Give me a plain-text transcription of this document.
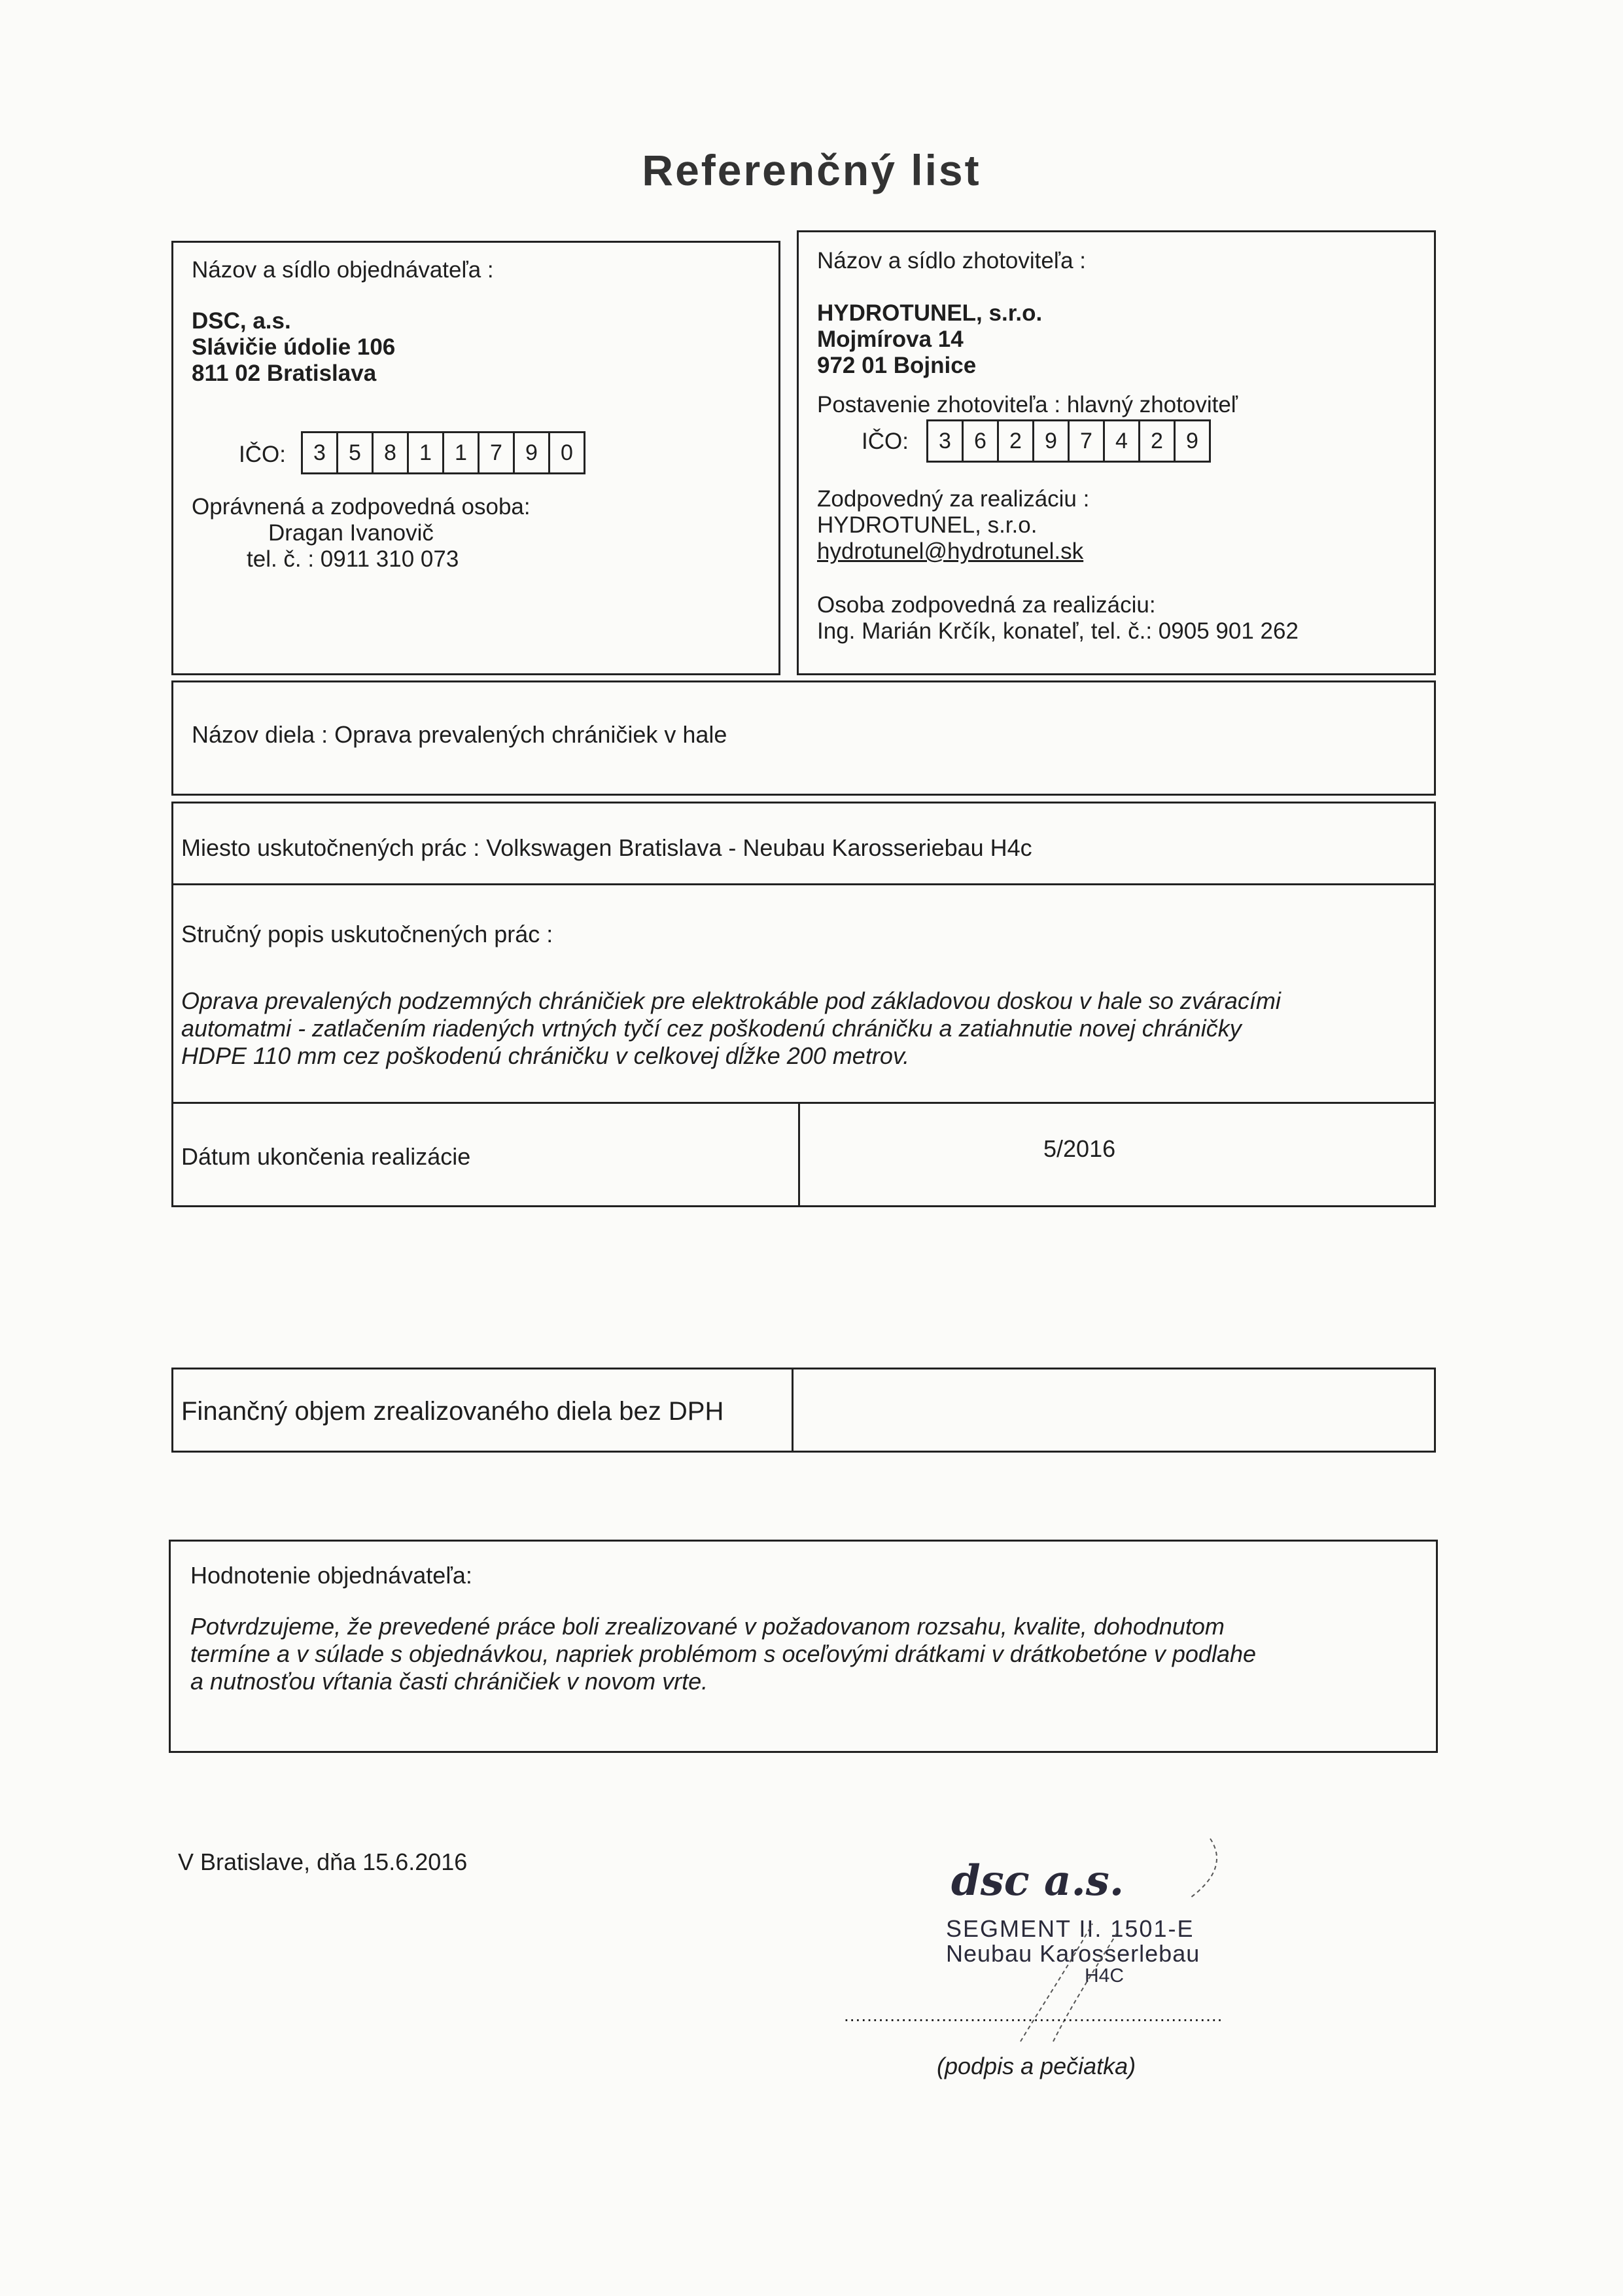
Referenčný list
Názov a sídlo objednávateľa :
DSC, a.s.
Slávičie údolie 106
811 02 Bratislava
IČO:	3	5	8	1	1	7	9	0
Oprávnená a zodpovedná osoba:
Dragan Ivanovič
tel. č. : 0911 310 073
Názov a sídlo zhotoviteľa :
HYDROTUNEL, s.r.o.
Mojmírova 14
972 01 Bojnice
Postavenie zhotoviteľa : hlavný zhotoviteľ
IČO:	3	6	2	9	7	4	2	9
Zodpovedný za realizáciu :
HYDROTUNEL, s.r.o.
hydrotunel@hydrotunel.sk
Osoba zodpovedná za realizáciu:
Ing. Marián Krčík, konateľ, tel. č.: 0905 901 262
Názov diela : Oprava prevalených chráničiek v hale
Miesto uskutočnených prác : Volkswagen Bratislava - Neubau Karosseriebau H4c
Stručný popis uskutočnených prác :
Oprava prevalených podzemných chráničiek pre elektrokáble pod základovou doskou v hale so zváracími
automatmi - zatlačením riadených vrtných tyčí cez poškodenú chráničku a zatiahnutie novej chráničky
HDPE 110 mm cez poškodenú chráničku v celkovej dĺžke 200 metrov.
Dátum ukončenia realizácie	5/2016
Finančný objem zrealizovaného diela bez DPH
Hodnotenie objednávateľa:
Potvrdzujeme, že prevedené práce boli zrealizované v požadovanom rozsahu, kvalite, dohodnutom
termíne a v súlade s objednávkou, napriek problémom s oceľovými drátkami v drátkobetóne v podlahe
a nutnosťou vŕtania časti chráničiek v novom vrte.
V Bratislave, dňa 15.6.2016	dsc a.s.
SEGMENT II. 1501-E
Neubau Karosserlebau
H4C
..................................................................
(podpis a pečiatka)
